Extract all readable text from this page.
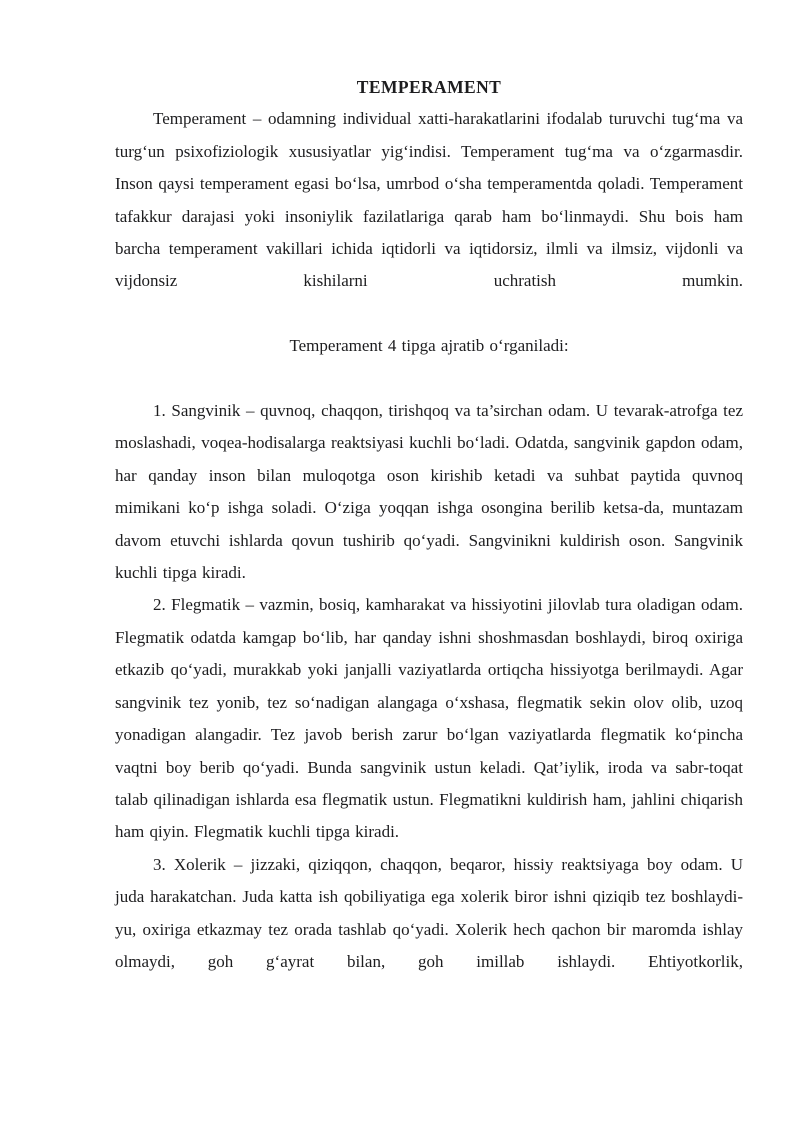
TEMPERAMENT

Temperament – odamning individual xatti-harakatlarini ifodalab turuvchi tugʻma va turgʻun psixofiziologik xususiyatlar yigʻindisi. Temperament tugʻma va oʻzgarmasdir. Inson qaysi temperament egasi boʻlsa, umrbod oʻsha temperamentda qoladi. Temperament tafakkur darajasi yoki insoniylik fazilatlariga qarab ham boʻlinmaydi. Shu bois ham barcha temperament vakillari ichida iqtidorli va iqtidorsiz, ilmli va ilmsiz, vijdonli va vijdonsiz kishilarni uchratish mumkin.

Temperament 4 tipga ajratib oʻrganiladi:

1. Sangvinik – quvnoq, chaqqon, tirishqoq va ta’sirchan odam. U tevarak-atrofga tez moslashadi, voqea-hodisalarga reaktsiyasi kuchli boʻladi. Odatda, sangvinik gapdon odam, har qanday inson bilan muloqotga oson kirishib ketadi va suhbat paytida quvnoq mimikani koʻp ishga soladi. Oʻziga yoqqan ishga osongina berilib ketsa-da, muntazam davom etuvchi ishlarda qovun tushirib qoʻyadi. Sangvinikni kuldirish oson. Sangvinik kuchli tipga kiradi.

2. Flegmatik – vazmin, bosiq, kamharakat va hissiyotini jilovlab tura oladigan odam. Flegmatik odatda kamgap boʻlib, har qanday ishni shoshmasdan boshlaydi, biroq oxiriga etkazib qoʻyadi, murakkab yoki janjalli vaziyatlarda ortiqcha hissiyotga berilmaydi. Agar sangvinik tez yonib, tez soʻnadigan alangaga oʻxshasa, flegmatik sekin olov olib, uzoq yonadigan alangadir. Tez javob berish zarur boʻlgan vaziyatlarda flegmatik koʻpincha vaqtni boy berib qoʻyadi. Bunda sangvinik ustun keladi. Qat’iylik, iroda va sabr-toqat talab qilinadigan ishlarda esa flegmatik ustun. Flegmatikni kuldirish ham, jahlini chiqarish ham qiyin. Flegmatik kuchli tipga kiradi.

3. Xolerik – jizzaki, qiziqqon, chaqqon, beqaror, hissiy reaktsiyaga boy odam. U juda harakatchan. Juda katta ish qobiliyatiga ega xolerik biror ishni qiziqib tez boshlaydi-yu, oxiriga etkazmay tez orada tashlab qoʻyadi. Xolerik hech qachon bir maromda ishlay olmaydi, goh gʻayrat bilan, goh imillab ishlaydi. Ehtiyotkorlik,
